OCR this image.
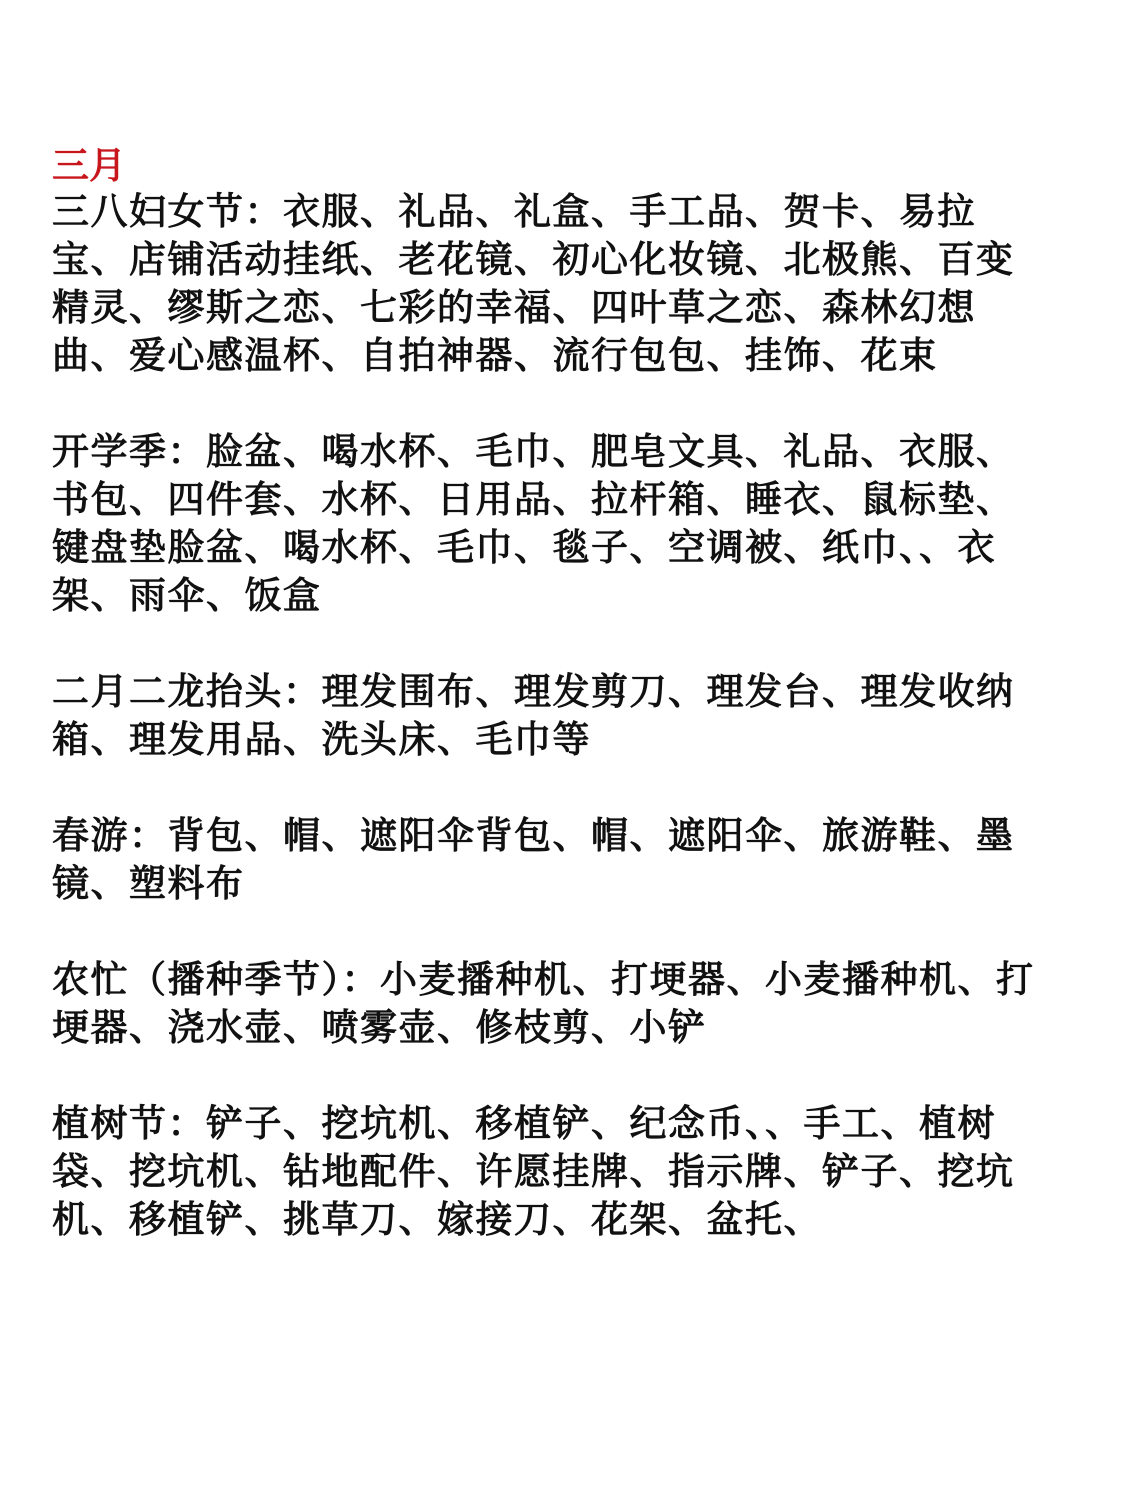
三月

三八妇女节：衣服、礼品、礼盒、手工品、贺卡、易拉宝、店铺活动挂纸、老花镜、初心化妆镜、北极熊、百变精灵、缪斯之恋、七彩的幸福、四叶草之恋、森林幻想曲、爱心感温杯、自拍神器、流行包包、挂饰、花束

开学季：脸盆、喝水杯、毛巾、肥皂文具、礼品、衣服、书包、四件套、水杯、日用品、拉杆箱、睡衣、鼠标垫、键盘垫脸盆、喝水杯、毛巾、毯子、空调被、纸巾、、衣架、雨伞、饭盒

二月二龙抬头：理发围布、理发剪刀、理发台、理发收纳箱、理发用品、洗头床、毛巾等

春游：背包、帽、遮阳伞背包、帽、遮阳伞、旅游鞋、墨镜、塑料布

农忙（播种季节）：小麦播种机、打埂器、小麦播种机、打埂器、浇水壶、喷雾壶、修枝剪、小铲

植树节：铲子、挖坑机、移植铲、纪念币、、手工、植树袋、挖坑机、钻地配件、许愿挂牌、指示牌、铲子、挖坑机、移植铲、挑草刀、嫁接刀、花架、盆托、
